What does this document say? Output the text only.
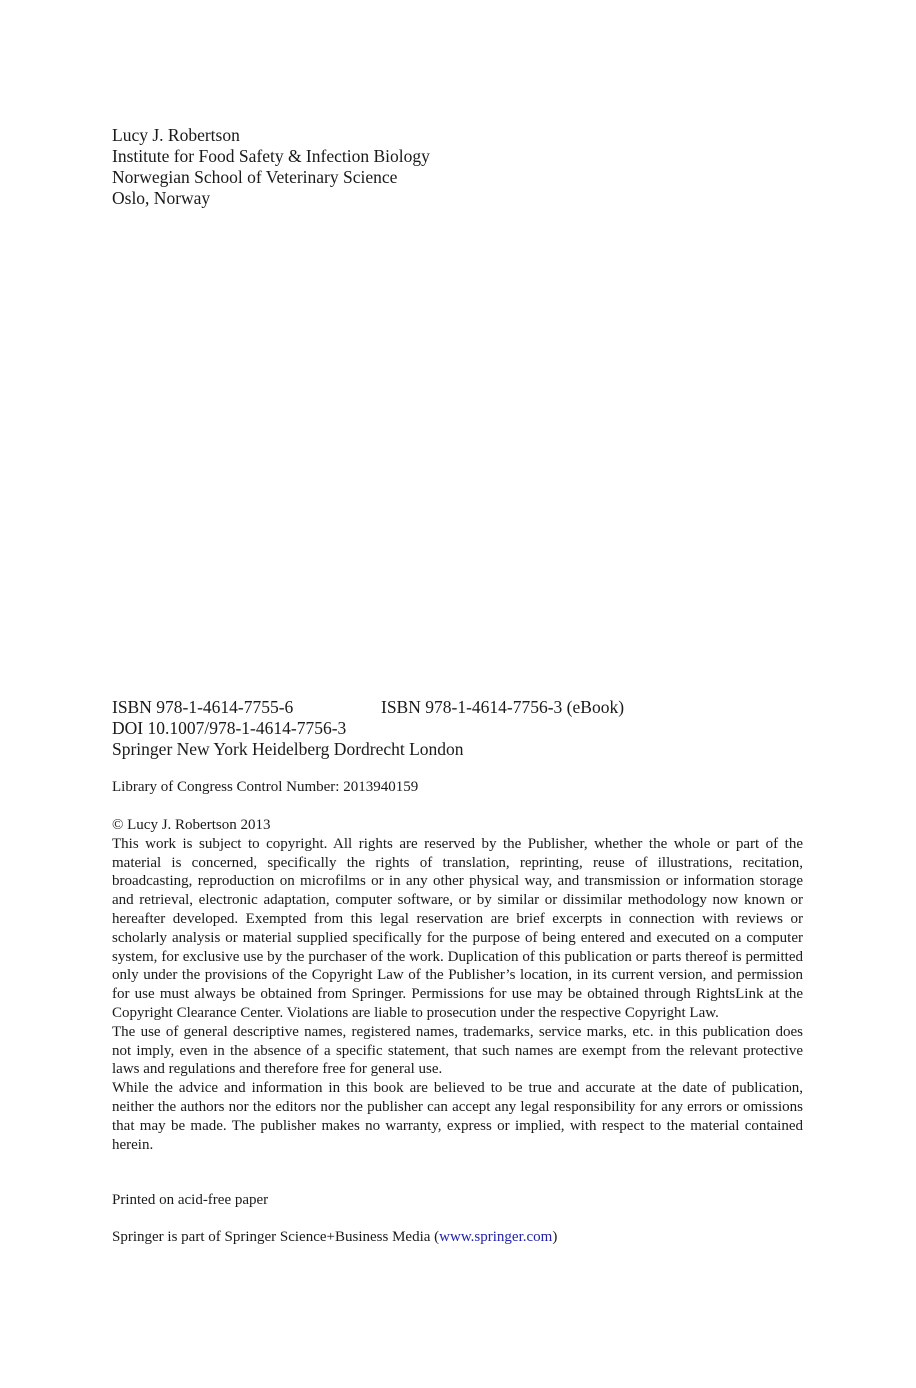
Lucy J. Robertson
Institute for Food Safety & Infection Biology
Norwegian School of Veterinary Science
Oslo, Norway
ISBN 978-1-4614-7755-6	ISBN 978-1-4614-7756-3 (eBook)
DOI 10.1007/978-1-4614-7756-3
Springer New York Heidelberg Dordrecht London
Library of Congress Control Number: 2013940159

© Lucy J. Robertson 2013

This work is subject to copyright. All rights are reserved by the Publisher, whether the whole or part of the material is concerned, specifically the rights of translation, reprinting, reuse of illustrations, recitation, broadcasting, reproduction on microfilms or in any other physical way, and transmission or information storage and retrieval, electronic adaptation, computer software, or by similar or dissimilar methodology now known or hereafter developed. Exempted from this legal reservation are brief excerpts in connection with reviews or scholarly analysis or material supplied specifically for the purpose of being entered and executed on a computer system, for exclusive use by the purchaser of the work. Duplication of this publication or parts thereof is permitted only under the provisions of the Copyright Law of the Publisher’s location, in its current version, and permission for use must always be obtained from Springer. Permissions for use may be obtained through RightsLink at the Copyright Clearance Center. Violations are liable to prosecution under the respective Copyright Law.

The use of general descriptive names, registered names, trademarks, service marks, etc. in this publication does not imply, even in the absence of a specific statement, that such names are exempt from the relevant protective laws and regulations and therefore free for general use.

While the advice and information in this book are believed to be true and accurate at the date of publication, neither the authors nor the editors nor the publisher can accept any legal responsibility for any errors or omissions that may be made. The publisher makes no warranty, express or implied, with respect to the material contained herein.

Printed on acid-free paper
Springer is part of Springer Science+Business Media (www.springer.com)
